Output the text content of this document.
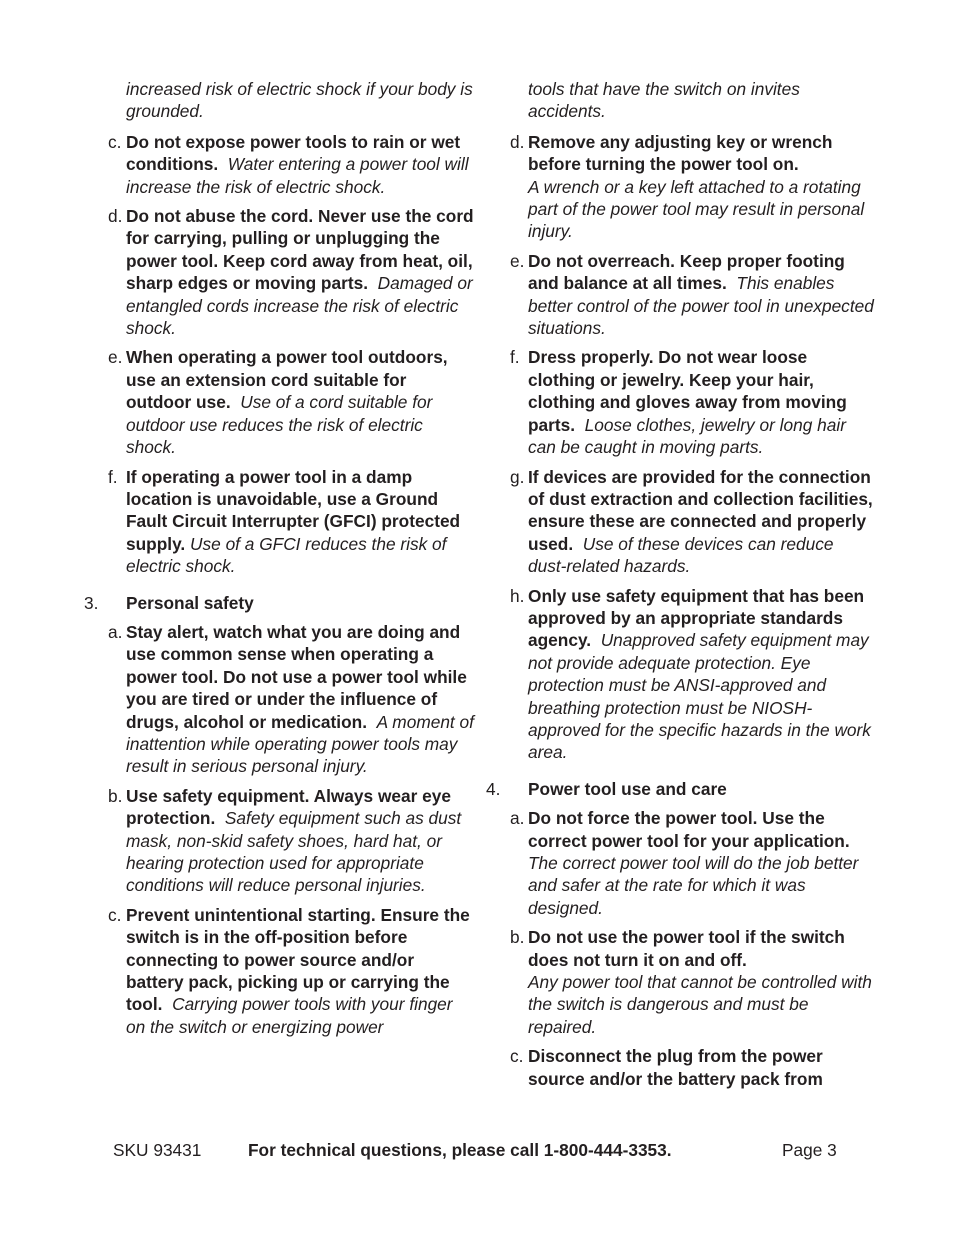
increased risk of electric shock if your body is grounded.

c. Do not expose power tools to rain or wet conditions. Water entering a power tool will increase the risk of electric shock.
d. Do not abuse the cord. Never use the cord for carrying, pulling or unplugging the power tool. Keep cord away from heat, oil, sharp edges or moving parts. Damaged or entangled cords increase the risk of electric shock.
e. When operating a power tool outdoors, use an extension cord suitable for outdoor use. Use of a cord suitable for outdoor use reduces the risk of electric shock.
f. If operating a power tool in a damp location is unavoidable, use a Ground Fault Circuit Interrupter (GFCI) protected supply. Use of a GFCI reduces the risk of electric shock.
3. Personal safety
a. Stay alert, watch what you are doing and use common sense when operating a power tool. Do not use a power tool while you are tired or under the influence of drugs, alcohol or medication. A moment of inattention while operating power tools may result in serious personal injury.
b. Use safety equipment. Always wear eye protection. Safety equipment such as dust mask, non-skid safety shoes, hard hat, or hearing protection used for appropriate conditions will reduce personal injuries.
c. Prevent unintentional starting. Ensure the switch is in the off-position before connecting to power source and/or battery pack, picking up or carrying the tool. Carrying power tools with your finger on the switch or energizing power

tools that have the switch on invites accidents.

d. Remove any adjusting key or wrench before turning the power tool on.
A wrench or a key left attached to a rotating part of the power tool may result in personal injury.
e. Do not overreach. Keep proper footing and balance at all times. This enables better control of the power tool in unexpected situations.
f. Dress properly. Do not wear loose clothing or jewelry. Keep your hair, clothing and gloves away from moving parts. Loose clothes, jewelry or long hair can be caught in moving parts.
g. If devices are provided for the connection of dust extraction and collection facilities, ensure these are connected and properly used. Use of these devices can reduce dust-related hazards.
h. Only use safety equipment that has been approved by an appropriate standards agency. Unapproved safety equipment may not provide adequate protection. Eye protection must be ANSI-approved and breathing protection must be NIOSH-approved for the specific hazards in the work area.
4. Power tool use and care
a. Do not force the power tool. Use the correct power tool for your application.  The correct power tool will do the job better and safer at the rate for which it was designed.
b. Do not use the power tool if the switch does not turn it on and off.
Any power tool that cannot be controlled with the switch is dangerous and must be repaired.
c. Disconnect the plug from the power source and/or the battery pack from
SKU 93431	For technical questions, please call 1-800-444-3353.	Page 3
